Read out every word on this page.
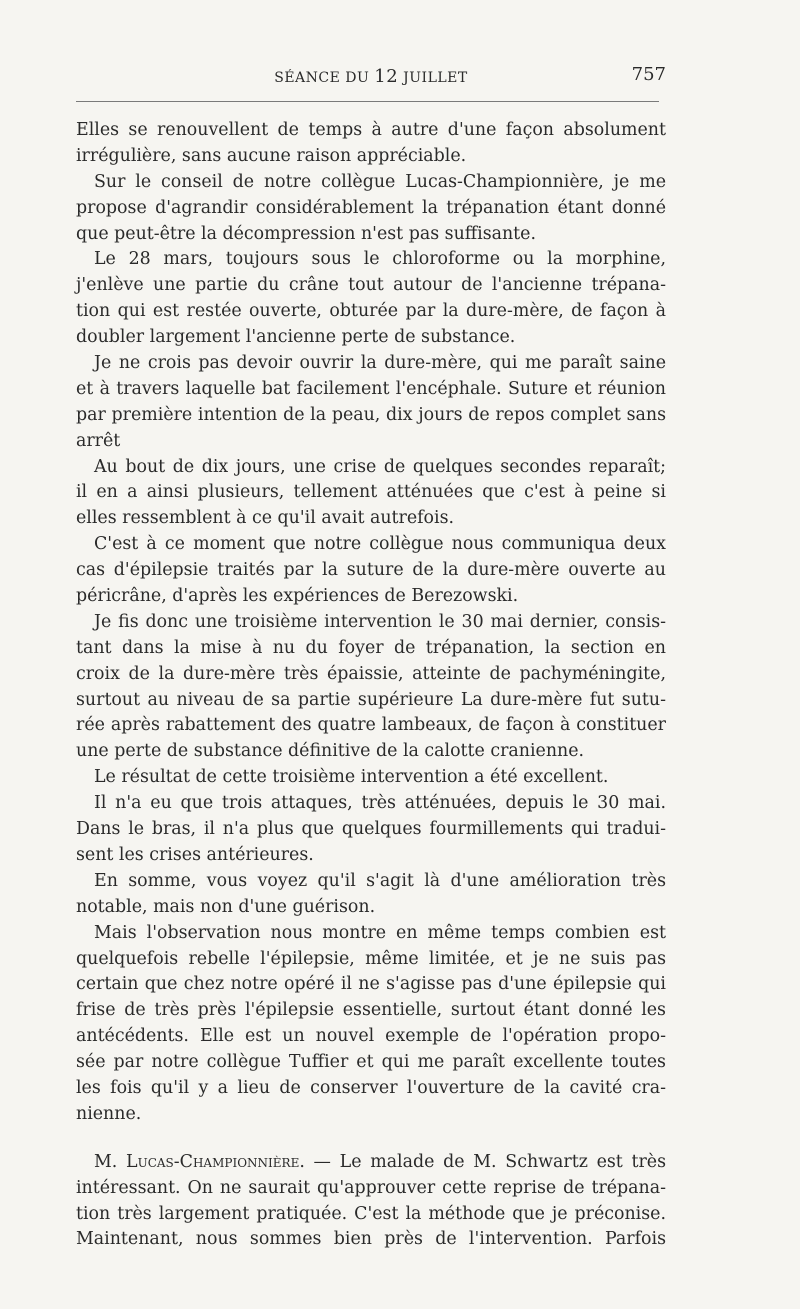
SÉANCE DU 12 JUILLET	757
Elles se renouvellent de temps à autre d'une façon absolument
irrégulière, sans aucune raison appréciable.
Sur le conseil de notre collègue Lucas-Championnière, je me
propose d'agrandir considérablement la trépanation étant donné
que peut-être la décompression n'est pas suffisante.
Le 28 mars, toujours sous le chloroforme ou la morphine,
j'enlève une partie du crâne tout autour de l'ancienne trépana-
tion qui est restée ouverte, obturée par la dure-mère, de façon à
doubler largement l'ancienne perte de substance.
Je ne crois pas devoir ouvrir la dure-mère, qui me paraît saine
et à travers laquelle bat facilement l'encéphale. Suture et réunion
par première intention de la peau, dix jours de repos complet sans
arrêt
Au bout de dix jours, une crise de quelques secondes reparaît;
il en a ainsi plusieurs, tellement atténuées que c'est à peine si
elles ressemblent à ce qu'il avait autrefois.
C'est à ce moment que notre collègue nous communiqua deux
cas d'épilepsie traités par la suture de la dure-mère ouverte au
péricrâne, d'après les expériences de Berezowski.
Je fis donc une troisième intervention le 30 mai dernier, consis-
tant dans la mise à nu du foyer de trépanation, la section en
croix de la dure-mère très épaissie, atteinte de pachyméningite,
surtout au niveau de sa partie supérieure La dure-mère fut sutu-
rée après rabattement des quatre lambeaux, de façon à constituer
une perte de substance définitive de la calotte cranienne.
Le résultat de cette troisième intervention a été excellent.
Il n'a eu que trois attaques, très atténuées, depuis le 30 mai.
Dans le bras, il n'a plus que quelques fourmillements qui tradui-
sent les crises antérieures.
En somme, vous voyez qu'il s'agit là d'une amélioration très
notable, mais non d'une guérison.
Mais l'observation nous montre en même temps combien est
quelquefois rebelle l'épilepsie, même limitée, et je ne suis pas
certain que chez notre opéré il ne s'agisse pas d'une épilepsie qui
frise de très près l'épilepsie essentielle, surtout étant donné les
antécédents. Elle est un nouvel exemple de l'opération propo-
sée par notre collègue Tuffier et qui me paraît excellente toutes
les fois qu'il y a lieu de conserver l'ouverture de la cavité cra-
nienne.
M. Lucas-Championnière. — Le malade de M. Schwartz est très
intéressant. On ne saurait qu'approuver cette reprise de trépana-
tion très largement pratiquée. C'est la méthode que je préconise.
Maintenant, nous sommes bien près de l'intervention. Parfois
